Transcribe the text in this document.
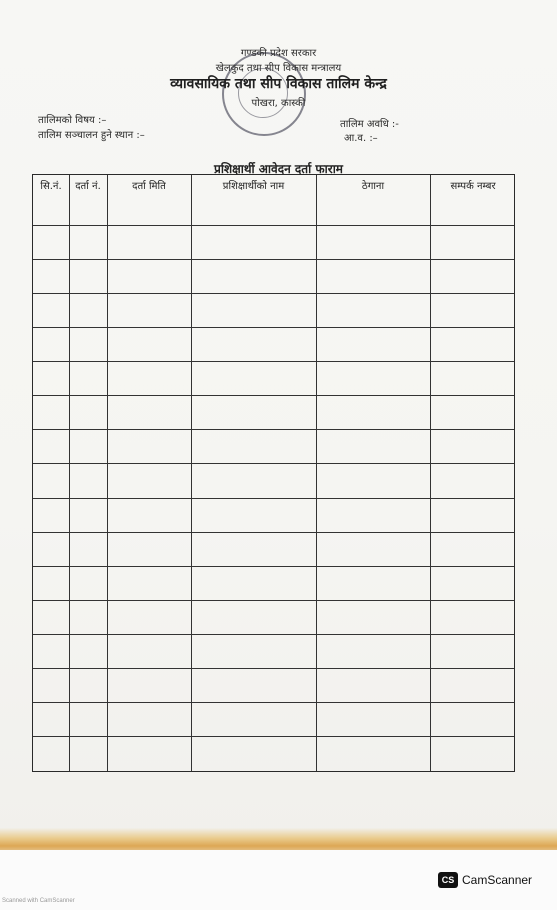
गण्डकी प्रदेश सरकार
खेलकुद तथा सीप विकास मन्त्रालय
व्यावसायिक तथा सीप विकास तालिम केन्द्र
पोखरा, कास्की
तालिमको विषय :–
तालिम सञ्चालन हुने स्थान :–
तालिम अवधि :-
आ.व. :–
प्रशिक्षार्थी आवेदन दर्ता फाराम
सि.नं.	दर्ता नं.	दर्ता मिति	प्रशिक्षार्थीको नाम	ठेगाना	सम्पर्क नम्बर
CS CamScanner
Scanned with CamScanner
